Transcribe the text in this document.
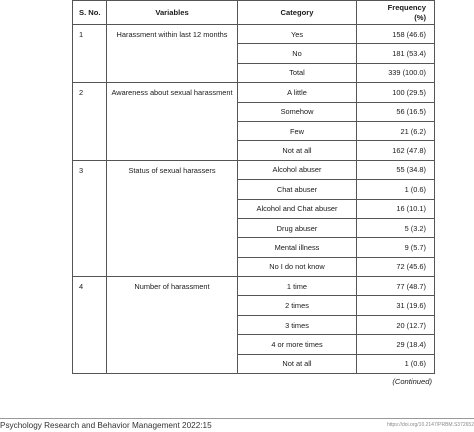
S. No.	Variables	Category	Frequency
(%)
1	Harassment within last 12 months	Yes	158 (46.6)
		No	181 (53.4)
		Total	339 (100.0)
2	Awareness about sexual harassment	A little	100 (29.5)
		Somehow	56 (16.5)
		Few	21 (6.2)
		Not at all	162 (47.8)
3	Status of sexual harassers	Alcohol abuser	55 (34.8)
		Chat abuser	1 (0.6)
		Alcohol and Chat abuser	16 (10.1)
		Drug abuser	5 (3.2)
		Mental illness	9 (5.7)
		No I do not know	72 (45.6)
4	Number of harassment	1 time	77 (48.7)
		2 times	31 (19.6)
		3 times	20 (12.7)
		4 or more times	29 (18.4)
		Not at all	1 (0.6)
(Continued)
Psychology Research and Behavior Management 2022:15	https://doi.org/10.2147/PRBM.S372652
